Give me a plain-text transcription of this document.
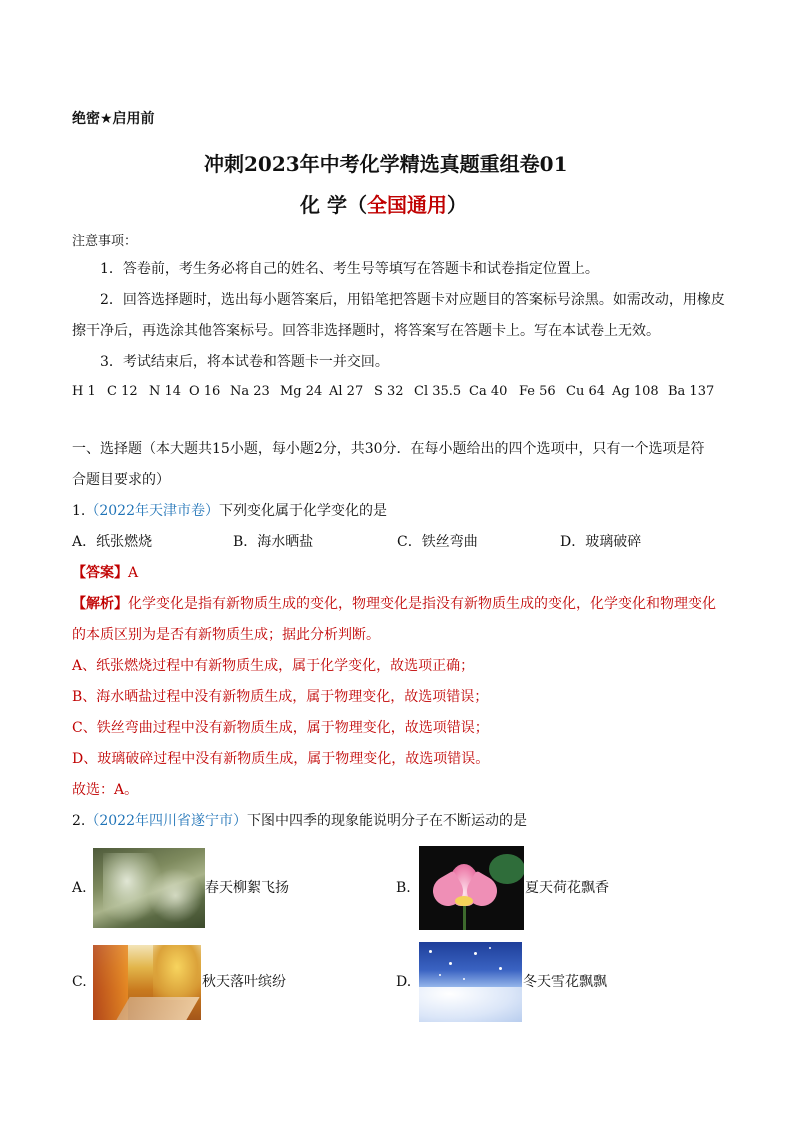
绝密★启用前
冲刺2023年中考化学精选真题重组卷01
化 学（全国通用）
注意事项：
1．答卷前，考生务必将自己的姓名、考生号等填写在答题卡和试卷指定位置上。
2．回答选择题时，选出每小题答案后，用铅笔把答题卡对应题目的答案标号涂黑。如需改动，用橡皮
擦干净后，再选涂其他答案标号。回答非选择题时，将答案写在答题卡上。写在本试卷上无效。
3．考试结束后，将本试卷和答题卡一并交回。
H 1 C 12 N 14 O 16 Na 23 Mg 24 Al 27 S 32 Cl 35.5 Ca 40 Fe 56 Cu 64 Ag 108 Ba 137
一、选择题（本大题共15小题，每小题2分，共30分．在每小题给出的四个选项中，只有一个选项是符
合题目要求的）
1.（2022年天津市卷）下列变化属于化学变化的是
A．纸张燃烧	B．海水晒盐	C．铁丝弯曲	D．玻璃破碎
【答案】A
【解析】化学变化是指有新物质生成的变化，物理变化是指没有新物质生成的变化，化学变化和物理变化
的本质区别为是否有新物质生成；据此分析判断。
A、纸张燃烧过程中有新物质生成，属于化学变化，故选项正确；
B、海水晒盐过程中没有新物质生成，属于物理变化，故选项错误；
C、铁丝弯曲过程中没有新物质生成，属于物理变化，故选项错误；
D、玻璃破碎过程中没有新物质生成，属于物理变化，故选项错误。
故选：A。
2.（2022年四川省遂宁市）下图中四季的现象能说明分子在不断运动的是
A.	春天柳絮飞扬	B.	夏天荷花飘香
C.	秋天落叶缤纷	D.	冬天雪花飘飘
